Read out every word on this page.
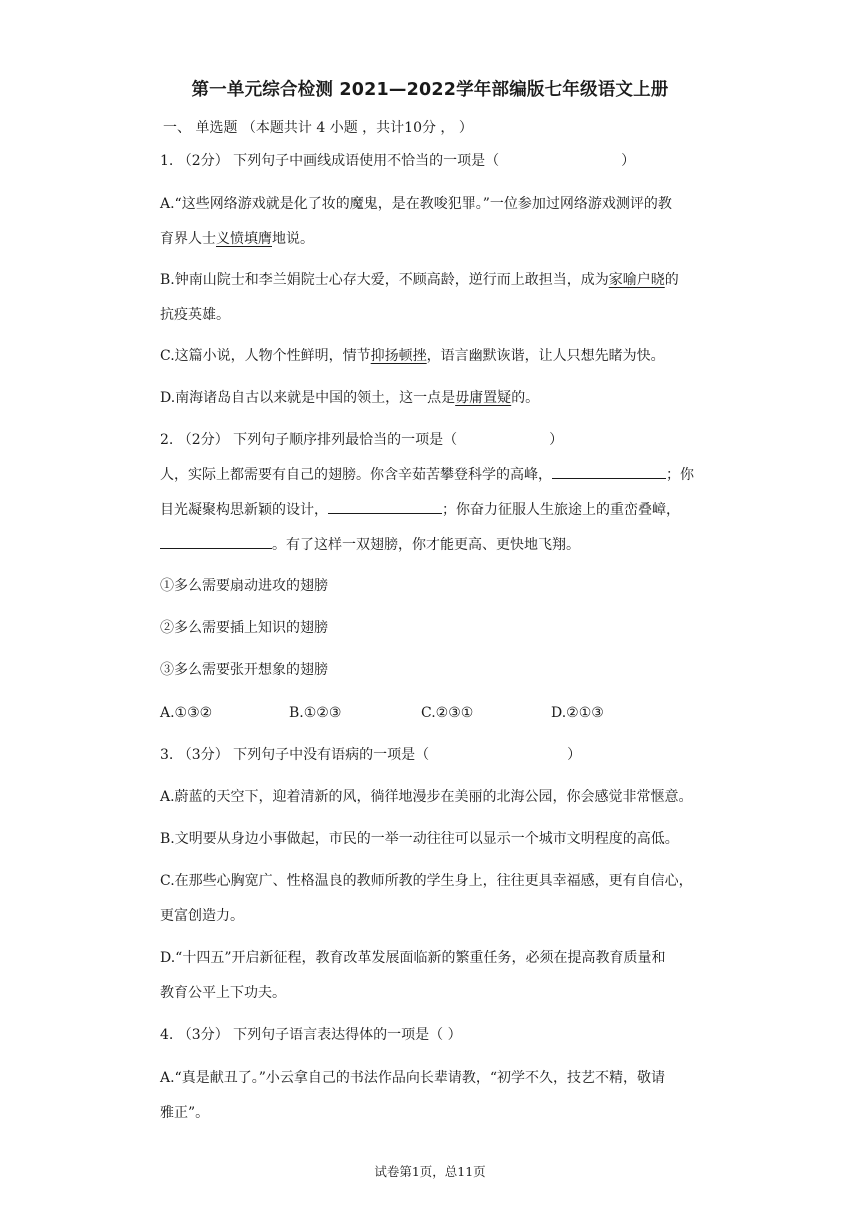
第一单元综合检测 2021—2022学年部编版七年级语文上册
一、 单选题 （本题共计 4 小题 ，共计10分 ， ）
1. （2分） 下列句子中画线成语使用不恰当的一项是（	）
A.“这些网络游戏就是化了妆的魔鬼，是在教唆犯罪。”一位参加过网络游戏测评的教
育界人士义愤填膺地说。
B.钟南山院士和李兰娟院士心存大爱，不顾高龄，逆行而上敢担当，成为家喻户晓的
抗疫英雄。
C.这篇小说，人物个性鲜明，情节抑扬顿挫，语言幽默诙谐，让人只想先睹为快。
D.南海诸岛自古以来就是中国的领土，这一点是毋庸置疑的。
2. （2分） 下列句子顺序排列最恰当的一项是（	）
人，实际上都需要有自己的翅膀。你含辛茹苦攀登科学的高峰，	；你
目光凝聚构思新颖的设计，	；你奋力征服人生旅途上的重峦叠嶂，
。有了这样一双翅膀，你才能更高、更快地飞翔。
①多么需要扇动进攻的翅膀
②多么需要插上知识的翅膀
③多么需要张开想象的翅膀
A.①③②	B.①②③	C.②③①	D.②①③
3. （3分） 下列句子中没有语病的一项是（	）
A.蔚蓝的天空下，迎着清新的风，徜徉地漫步在美丽的北海公园，你会感觉非常惬意。
B.文明要从身边小事做起，市民的一举一动往往可以显示一个城市文明程度的高低。
C.在那些心胸宽广、性格温良的教师所教的学生身上，往往更具幸福感，更有自信心，
更富创造力。
D.“十四五”开启新征程，教育改革发展面临新的繁重任务，必须在提高教育质量和
教育公平上下功夫。
4. （3分） 下列句子语言表达得体的一项是（ ）
A.“真是献丑了。”小云拿自己的书法作品向长辈请教，“初学不久，技艺不精，敬请
雅正”。
试卷第1页，总11页
